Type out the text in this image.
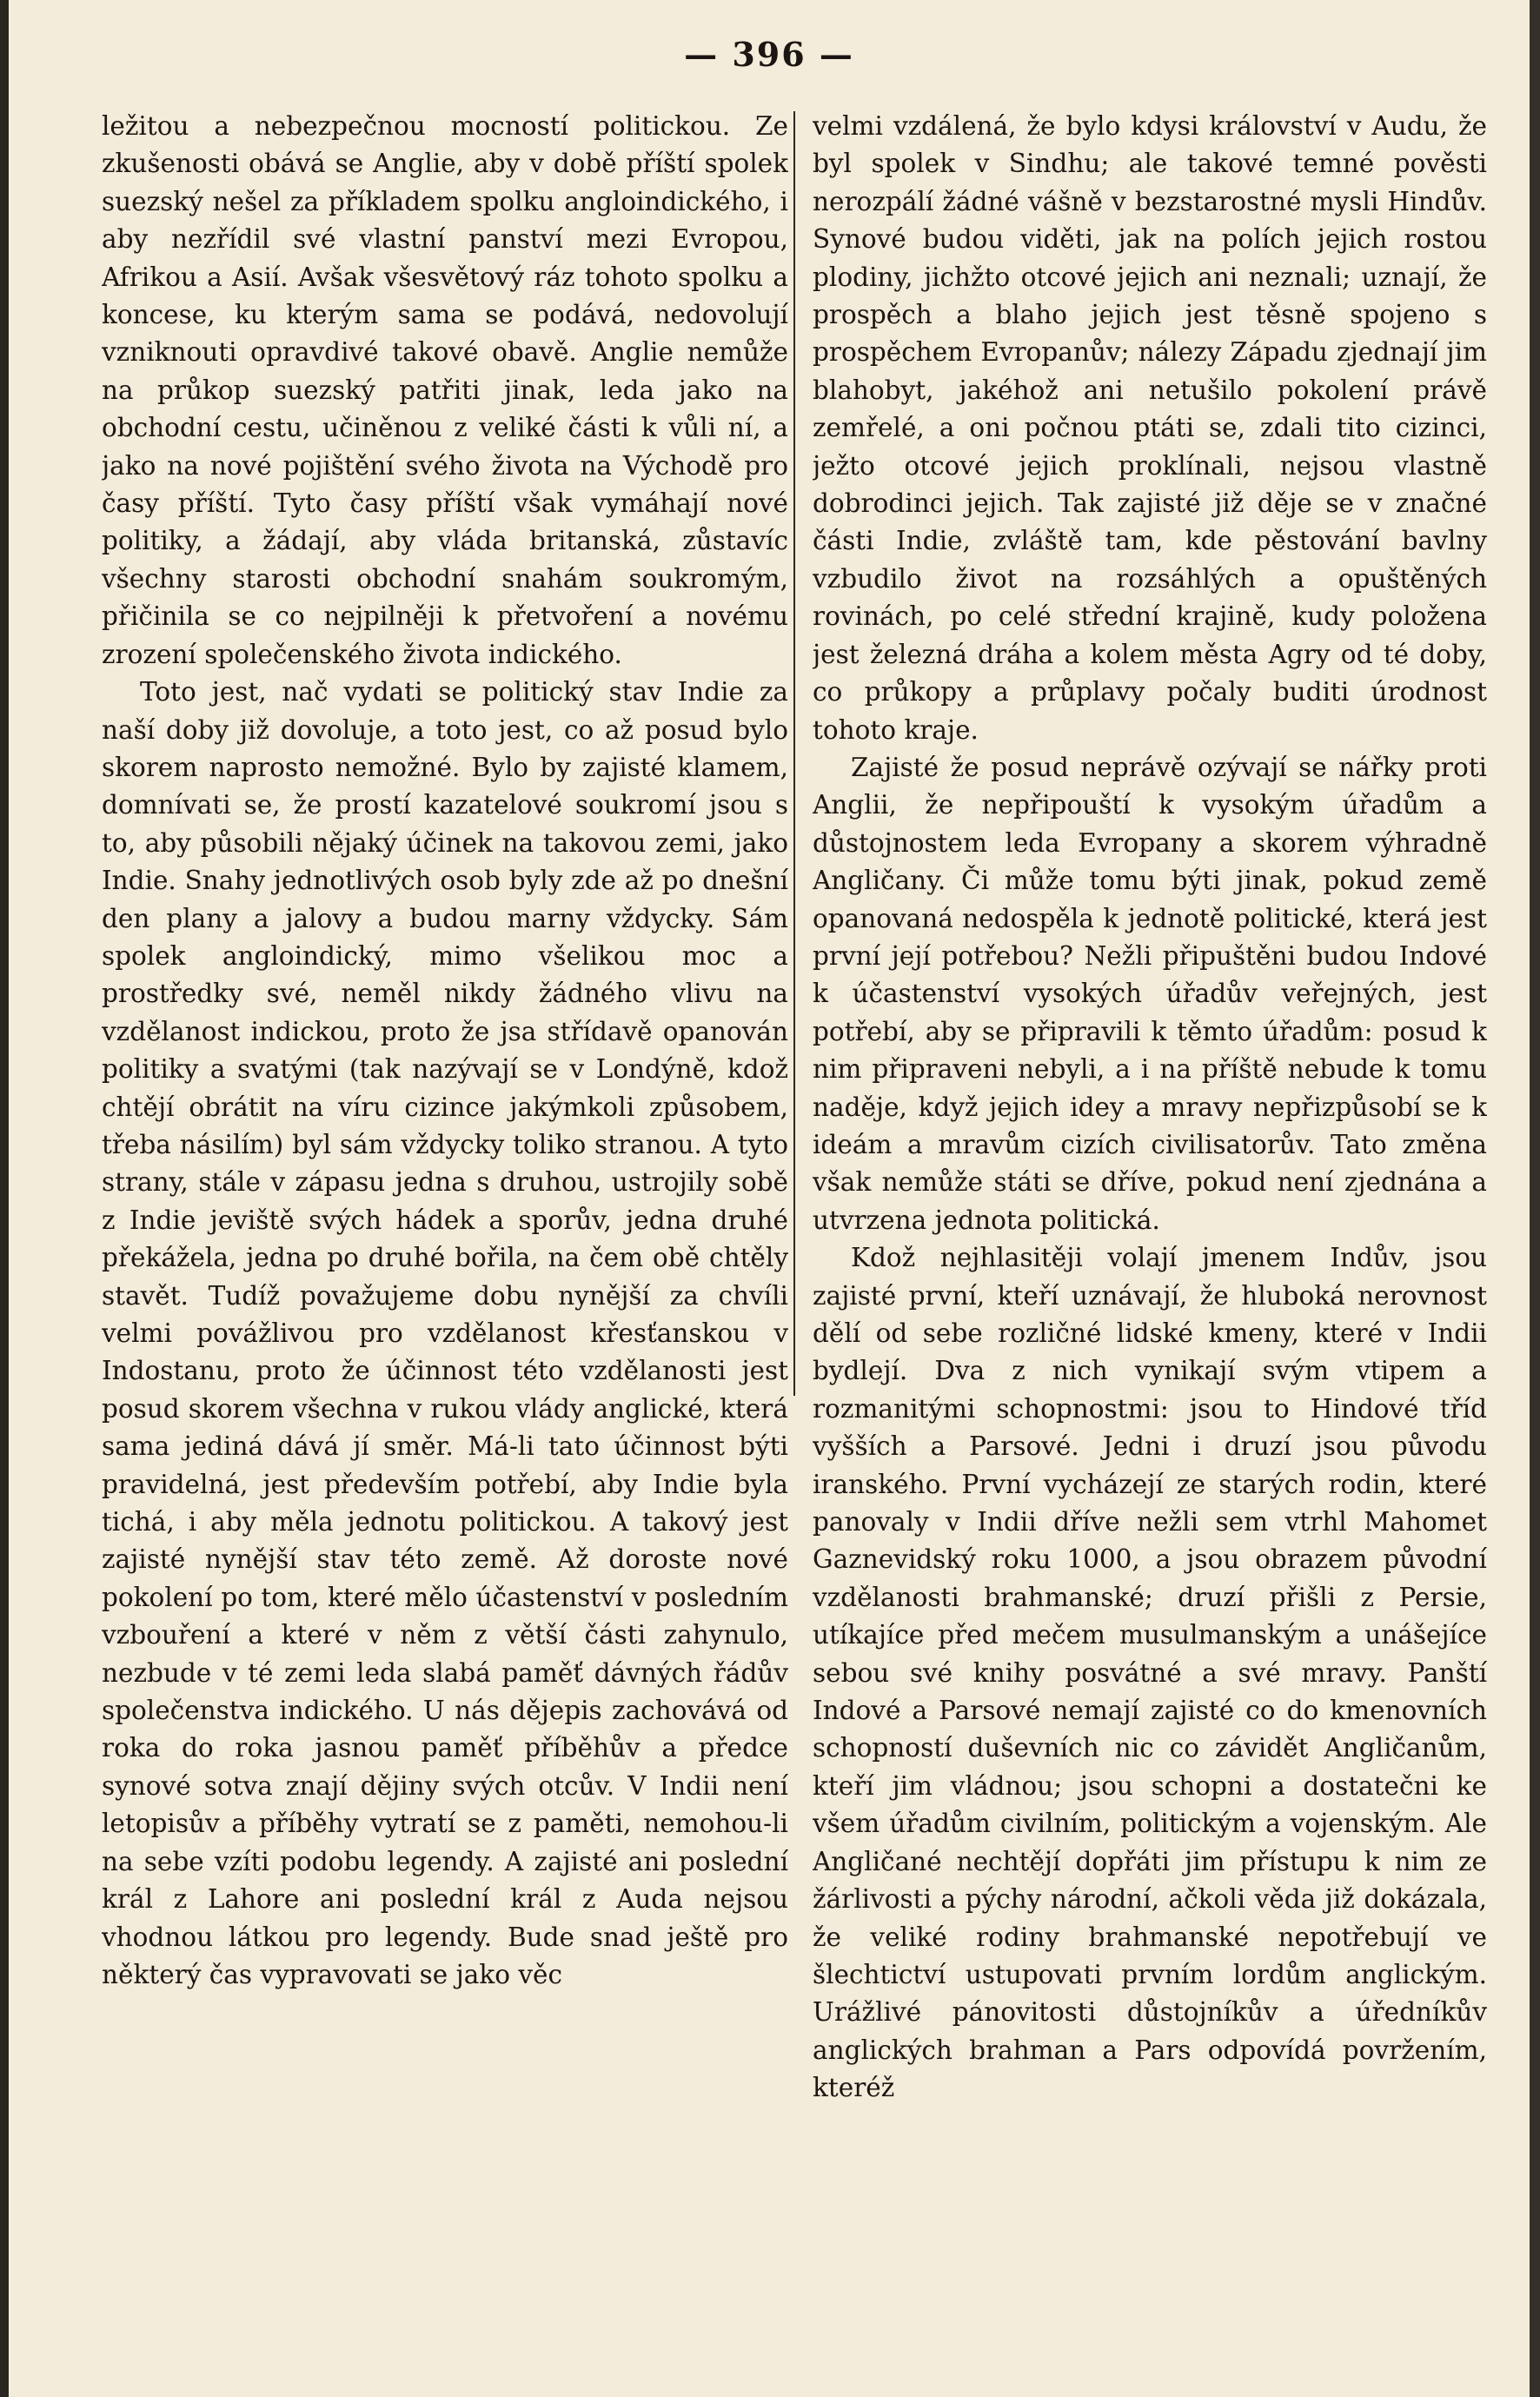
— 396 —

ležitou a nebezpečnou mocností politickou. Ze zkušenosti obává se Anglie, aby v době příští spolek suezský nešel za příkladem spolku angloindického, i aby nezřídil své vlastní panství mezi Evropou, Afrikou a Asií. Avšak všesvětový ráz tohoto spolku a koncese, ku kterým sama se podává, nedovolují vzniknouti opravdivé takové obavě. Anglie nemůže na průkop suezský patřiti jinak, leda jako na obchodní cestu, učiněnou z veliké části k vůli ní, a jako na nové pojištění svého života na Východě pro časy příští. Tyto časy příští však vymáhají nové politiky, a žádají, aby vláda britanská, zůstavíc všechny starosti obchodní snahám soukromým, přičinila se co nejpilněji k přetvoření a novému zrození společenského života indického.

Toto jest, nač vydati se politický stav Indie za naší doby již dovoluje, a toto jest, co až posud bylo skorem naprosto nemožné. Bylo by zajisté klamem, domnívati se, že prostí kazatelové soukromí jsou s to, aby působili nějaký účinek na takovou zemi, jako Indie. Snahy jednotlivých osob byly zde až po dnešní den plany a jalovy a budou marny vždycky. Sám spolek angloindický, mimo všelikou moc a prostředky své, neměl nikdy žádného vlivu na vzdělanost indickou, proto že jsa střídavě opanován politiky a svatými (tak nazývají se v Londýně, kdož chtějí obrátit na víru cizince jakýmkoli způsobem, třeba násilím) byl sám vždycky toliko stranou. A tyto strany, stále v zápasu jedna s druhou, ustrojily sobě z Indie jeviště svých hádek a sporův, jedna druhé překážela, jedna po druhé bořila, na čem obě chtěly stavět. Tudíž považujeme dobu nynější za chvíli velmi povážlivou pro vzdělanost křesťanskou v Indostanu, proto že účinnost této vzdělanosti jest posud skorem všechna v rukou vlády anglické, která sama jediná dává jí směr. Má-li tato účinnost býti pravidelná, jest především potřebí, aby Indie byla tichá, i aby měla jednotu politickou. A takový jest zajisté nynější stav této země. Až doroste nové pokolení po tom, které mělo účastenství v posledním vzbouření a které v něm z větší části zahynulo, nezbude v té zemi leda slabá paměť dávných řádův společenstva indického. U nás dějepis zachovává od roka do roka jasnou paměť příběhův a předce synové sotva znají dějiny svých otcův. V Indii není letopisův a příběhy vytratí se z paměti, nemohou-li na sebe vzíti podobu legendy. A zajisté ani poslední král z Lahore ani poslední král z Auda nejsou vhodnou látkou pro legendy. Bude snad ještě pro některý čas vypravovati se jako věc

velmi vzdálená, že bylo kdysi království v Audu, že byl spolek v Sindhu; ale takové temné pověsti nerozpálí žádné vášně v bezstarostné mysli Hindův. Synové budou viděti, jak na polích jejich rostou plodiny, jichžto otcové jejich ani neznali; uznají, že prospěch a blaho jejich jest těsně spojeno s prospěchem Evropanův; nálezy Západu zjednají jim blahobyt, jakéhož ani netušilo pokolení právě zemřelé, a oni počnou ptáti se, zdali tito cizinci, ježto otcové jejich proklínali, nejsou vlastně dobrodinci jejich. Tak zajisté již děje se v značné části Indie, zvláště tam, kde pěstování bavlny vzbudilo život na rozsáhlých a opuštěných rovinách, po celé střední krajině, kudy položena jest železná dráha a kolem města Agry od té doby, co průkopy a průplavy počaly buditi úrodnost tohoto kraje.

Zajisté že posud neprávě ozývají se nářky proti Anglii, že nepřipouští k vysokým úřadům a důstojnostem leda Evropany a skorem výhradně Angličany. Či může tomu býti jinak, pokud země opanovaná nedospěla k jednotě politické, která jest první její potřebou? Nežli připuštěni budou Indové k účastenství vysokých úřadův veřejných, jest potřebí, aby se připravili k těmto úřadům: posud k nim připraveni nebyli, a i na příště nebude k tomu naděje, když jejich idey a mravy nepřizpůsobí se k ideám a mravům cizích civilisatorův. Tato změna však nemůže státi se dříve, pokud není zjednána a utvrzena jednota politická.

Kdož nejhlasitěji volají jmenem Indův, jsou zajisté první, kteří uznávají, že hluboká nerovnost dělí od sebe rozličné lidské kmeny, které v Indii bydlejí. Dva z nich vynikají svým vtipem a rozmanitými schopnostmi: jsou to Hindové tříd vyšších a Parsové. Jedni i druzí jsou původu iranského. První vycházejí ze starých rodin, které panovaly v Indii dříve nežli sem vtrhl Mahomet Gaznevidský roku 1000, a jsou obrazem původní vzdělanosti brahmanské; druzí přišli z Persie, utíkajíce před mečem musulmanským a unášejíce sebou své knihy posvátné a své mravy. Panští Indové a Parsové nemají zajisté co do kmenovních schopností duševních nic co závidět Angličanům, kteří jim vládnou; jsou schopni a dostatečni ke všem úřadům civilním, politickým a vojenským. Ale Angličané nechtějí dopřáti jim přístupu k nim ze žárlivosti a pýchy národní, ačkoli věda již dokázala, že veliké rodiny brahmanské nepotřebují ve šlechtictví ustupovati prvním lordům anglickým. Urážlivé pánovitosti důstojníkův a úředníkův anglických brahman a Pars odpovídá povržením, kteréž
